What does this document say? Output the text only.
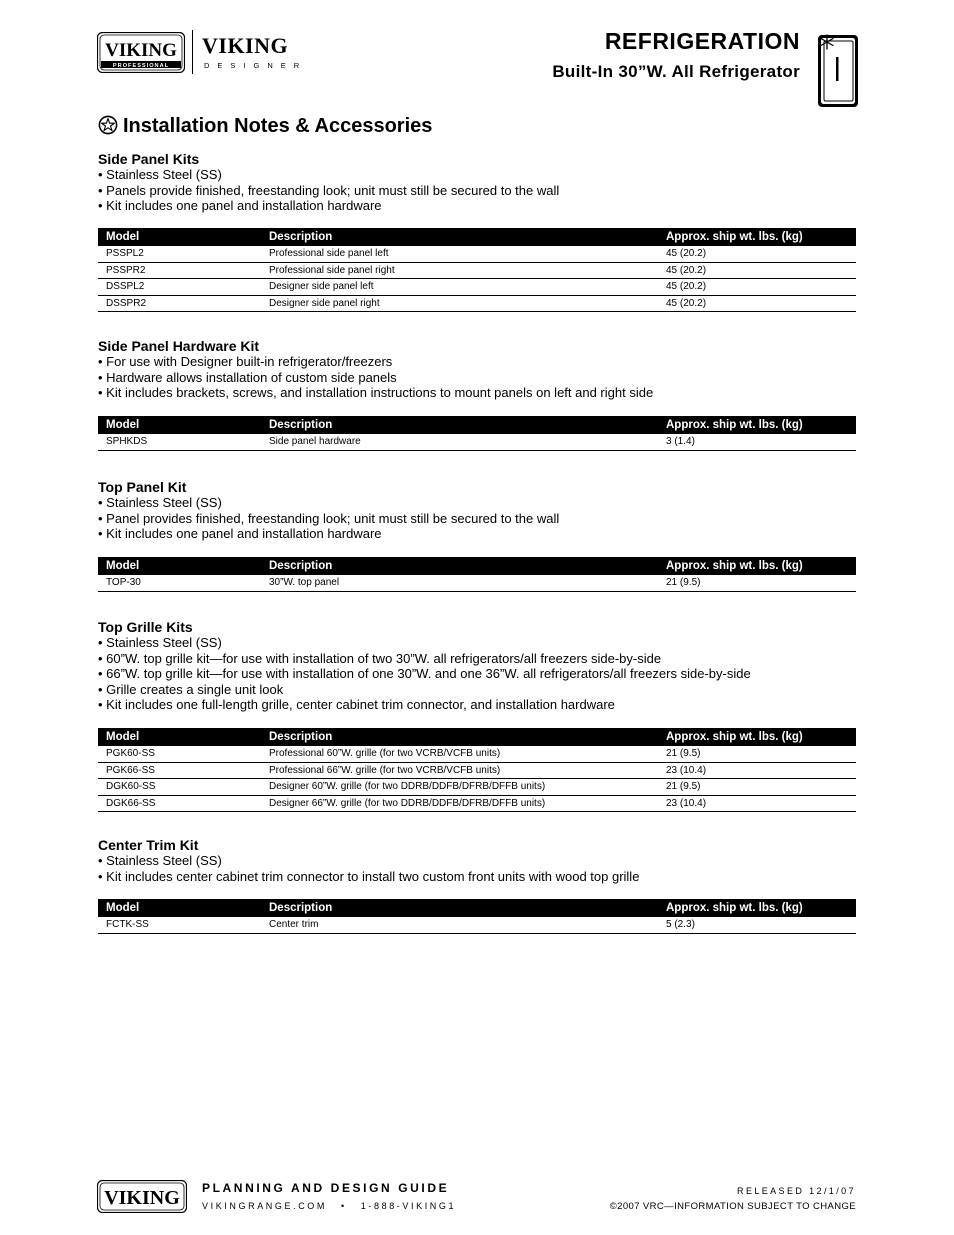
VIKING
PROFESSIONAL
VIKING
DESIGNER
REFRIGERATION
Built-In 30”W. All Refrigerator
Installation Notes & Accessories
Side Panel Kits
• Stainless Steel (SS)
• Panels provide finished, freestanding look; unit must still be secured to the wall
• Kit includes one panel and installation hardware
Model	Description	Approx. ship wt. lbs. (kg)
PSSPL2	Professional side panel left	45 (20.2)
PSSPR2	Professional side panel right	45 (20.2)
DSSPL2	Designer side panel left	45 (20.2)
DSSPR2	Designer side panel right	45 (20.2)
Side Panel Hardware Kit
• For use with Designer built-in refrigerator/freezers
• Hardware allows installation of custom side panels
• Kit includes brackets, screws, and installation instructions to mount panels on left and right side
Model	Description	Approx. ship wt. lbs. (kg)
SPHKDS	Side panel hardware	3 (1.4)
Top Panel Kit
• Stainless Steel (SS)
• Panel provides finished, freestanding look; unit must still be secured to the wall
• Kit includes one panel and installation hardware
Model	Description	Approx. ship wt. lbs. (kg)
TOP-30	30”W. top panel	21 (9.5)
Top Grille Kits
• Stainless Steel (SS)
• 60”W. top grille kit—for use with installation of two 30”W. all refrigerators/all freezers side-by-side
• 66”W. top grille kit—for use with installation of one 30”W. and one 36”W. all refrigerators/all freezers side-by-side
• Grille creates a single unit look
• Kit includes one full-length grille, center cabinet trim connector, and installation hardware
Model	Description	Approx. ship wt. lbs. (kg)
PGK60-SS	Professional 60”W. grille (for two VCRB/VCFB units)	21 (9.5)
PGK66-SS	Professional 66”W. grille (for two VCRB/VCFB units)	23 (10.4)
DGK60-SS	Designer 60”W. grille (for two DDRB/DDFB/DFRB/DFFB units)	21 (9.5)
DGK66-SS	Designer 66”W. grille (for two DDRB/DDFB/DFRB/DFFB units)	23 (10.4)
Center Trim Kit
• Stainless Steel (SS)
• Kit includes center cabinet trim connector to install two custom front units with wood top grille
Model	Description	Approx. ship wt. lbs. (kg)
FCTK-SS	Center trim	5 (2.3)
VIKING PLANNING AND DESIGN GUIDE
VIKINGRANGE.COM • 1-888-VIKING1
RELEASED 12/1/07
©2007 VRC—INFORMATION SUBJECT TO CHANGE
